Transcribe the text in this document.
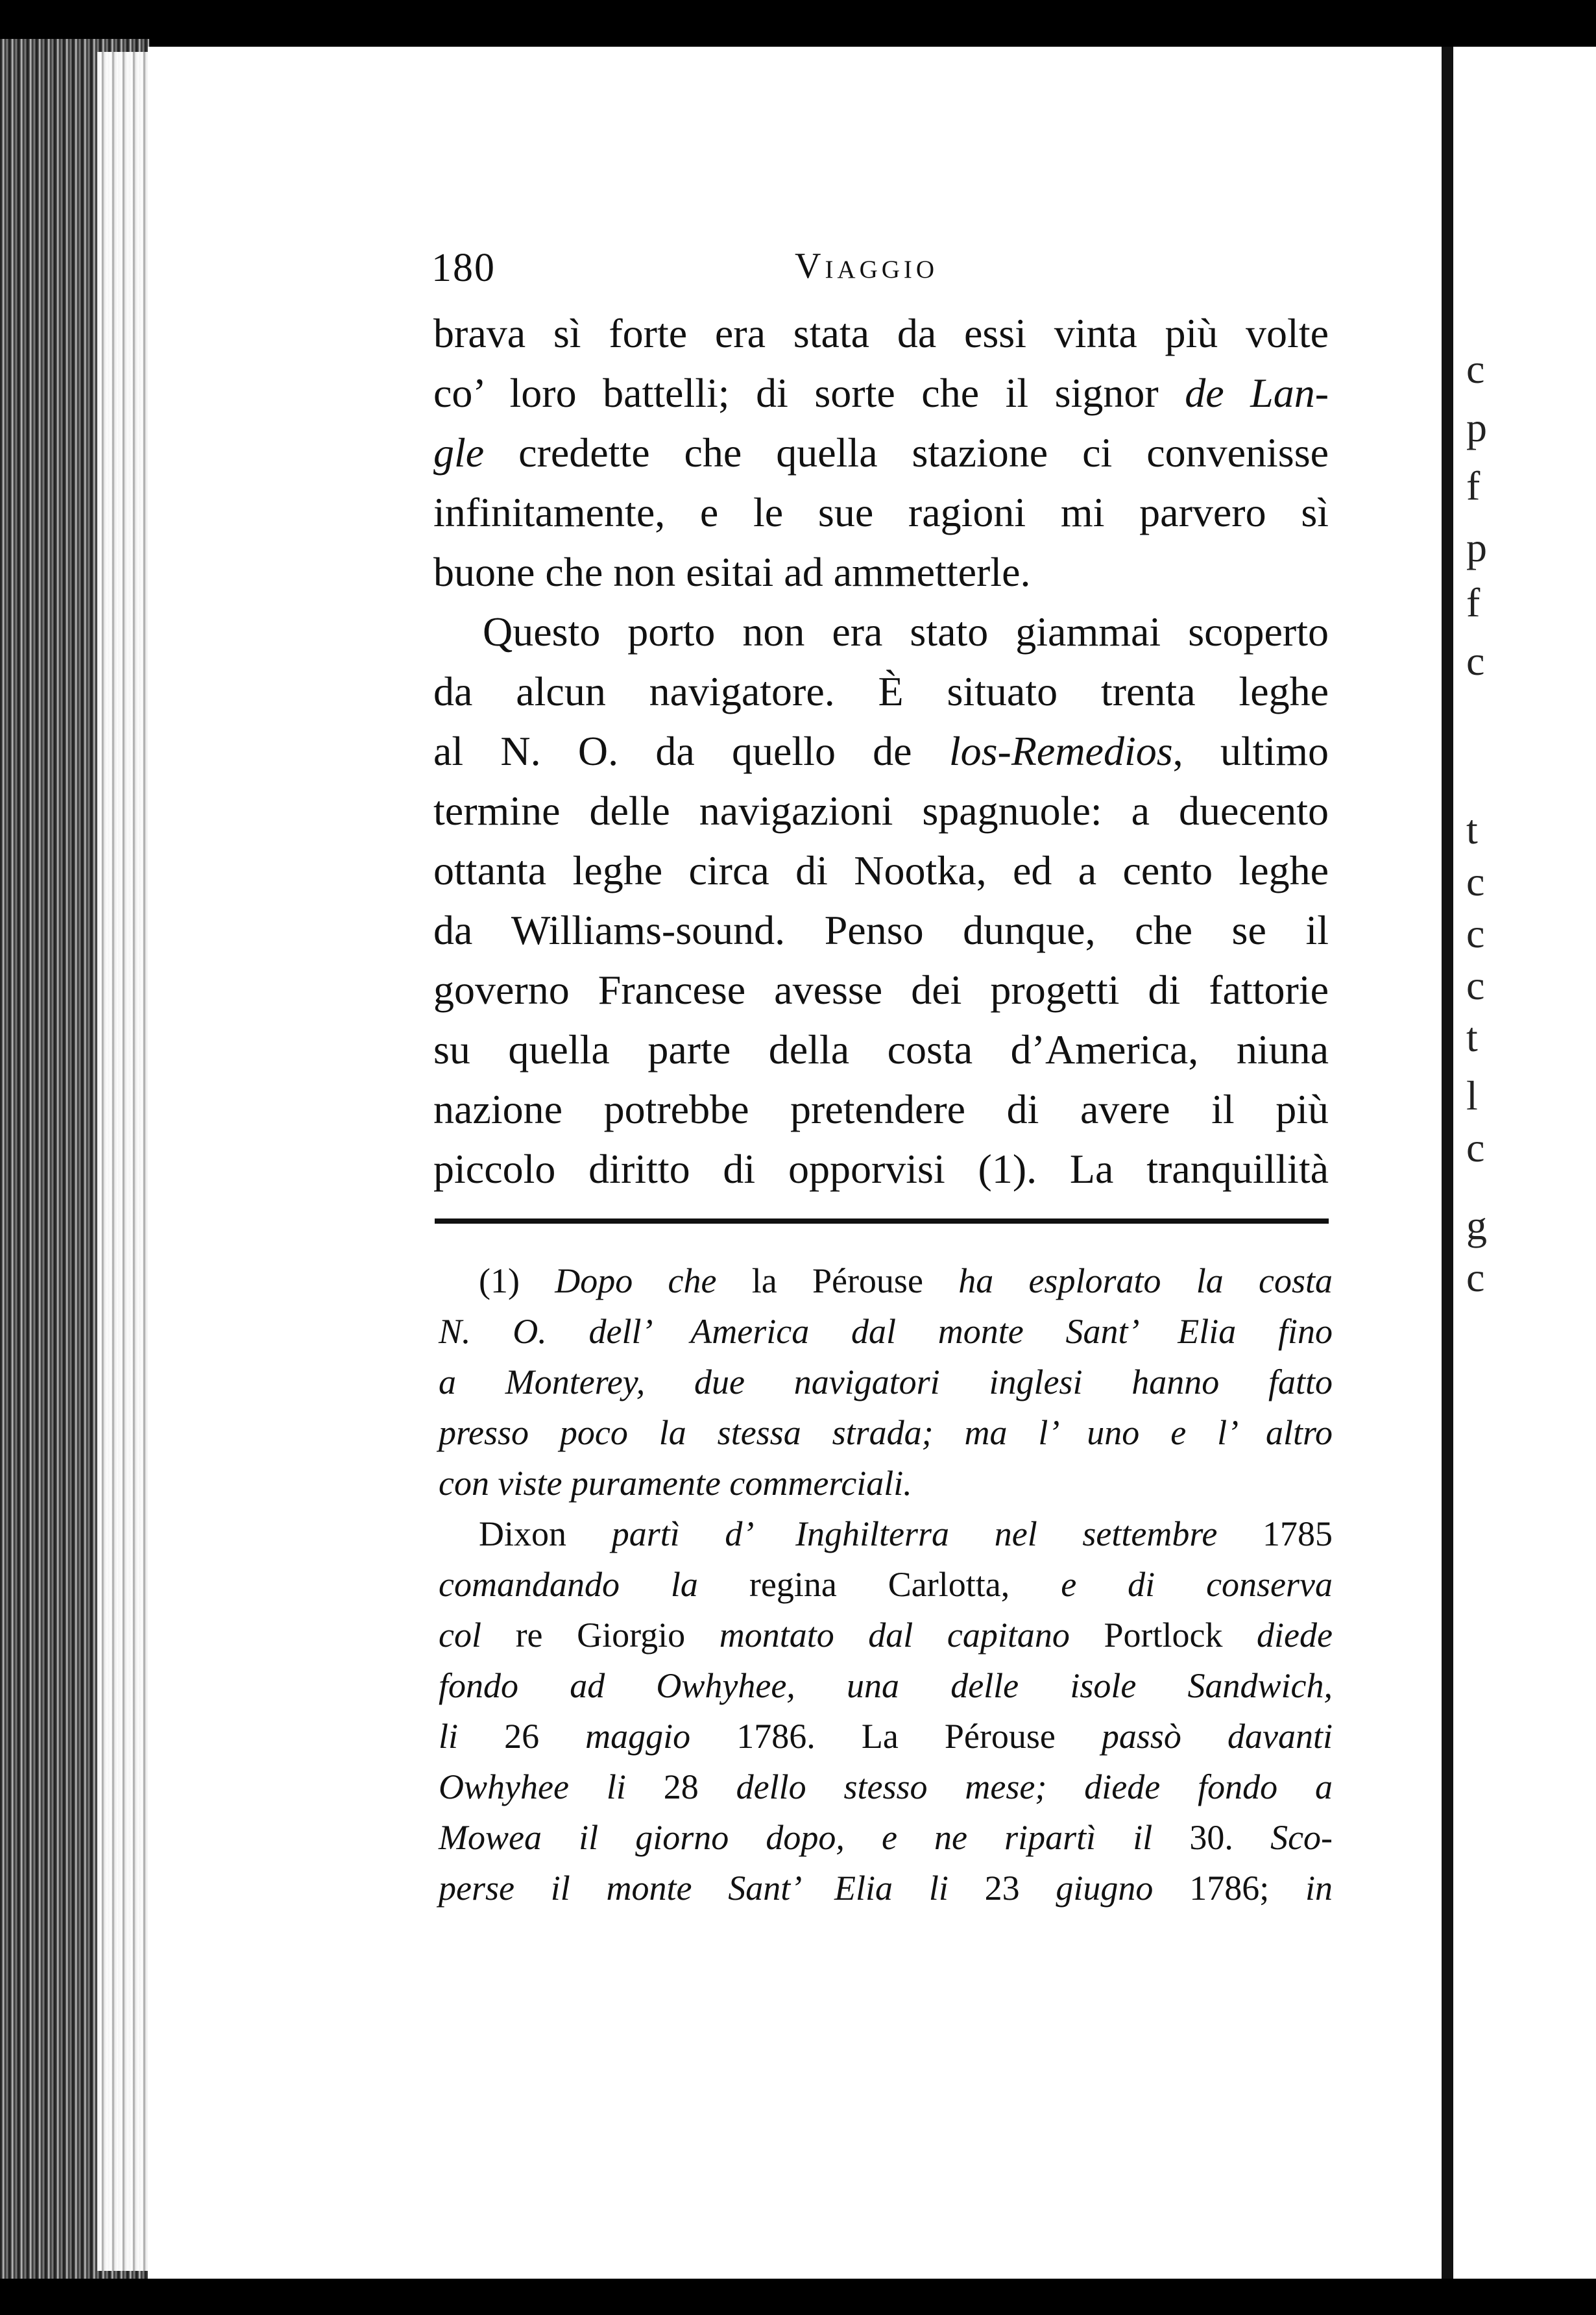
c
p
f
p
f
c
t
c
c
c
t
l
c
g
c
180	Viaggio
brava sì forte era stata da essi vinta più volte
co’ loro battelli; di sorte che il signor de Lan-
gle credette che quella stazione ci convenisse
infinitamente, e le sue ragioni mi parvero sì
buone che non esitai ad ammetterle.
Questo porto non era stato giammai scoperto
da alcun navigatore. È situato trenta leghe
al N. O. da quello de los-Remedios, ultimo
termine delle navigazioni spagnuole: a duecento
ottanta leghe circa di Nootka, ed a cento leghe
da Williams-sound. Penso dunque, che se il
governo Francese avesse dei progetti di fattorie
su quella parte della costa d’America, niuna
nazione potrebbe pretendere di avere il più
piccolo diritto di opporvisi (1). La tranquillità
(1) Dopo che la Pérouse ha esplorato la costa
N. O. dell’ America dal monte Sant’ Elia fino
a Monterey, due navigatori inglesi hanno fatto
presso poco la stessa strada; ma l’ uno e l’ altro
con viste puramente commerciali.
Dixon partì d’ Inghilterra nel settembre 1785
comandando la regina Carlotta, e di conserva
col re Giorgio montato dal capitano Portlock diede
fondo ad Owhyhee, una delle isole Sandwich,
li 26 maggio 1786. La Pérouse passò davanti
Owhyhee li 28 dello stesso mese; diede fondo a
Mowea il giorno dopo, e ne ripartì il 30. Sco-
perse il monte Sant’ Elia li 23 giugno 1786; in
